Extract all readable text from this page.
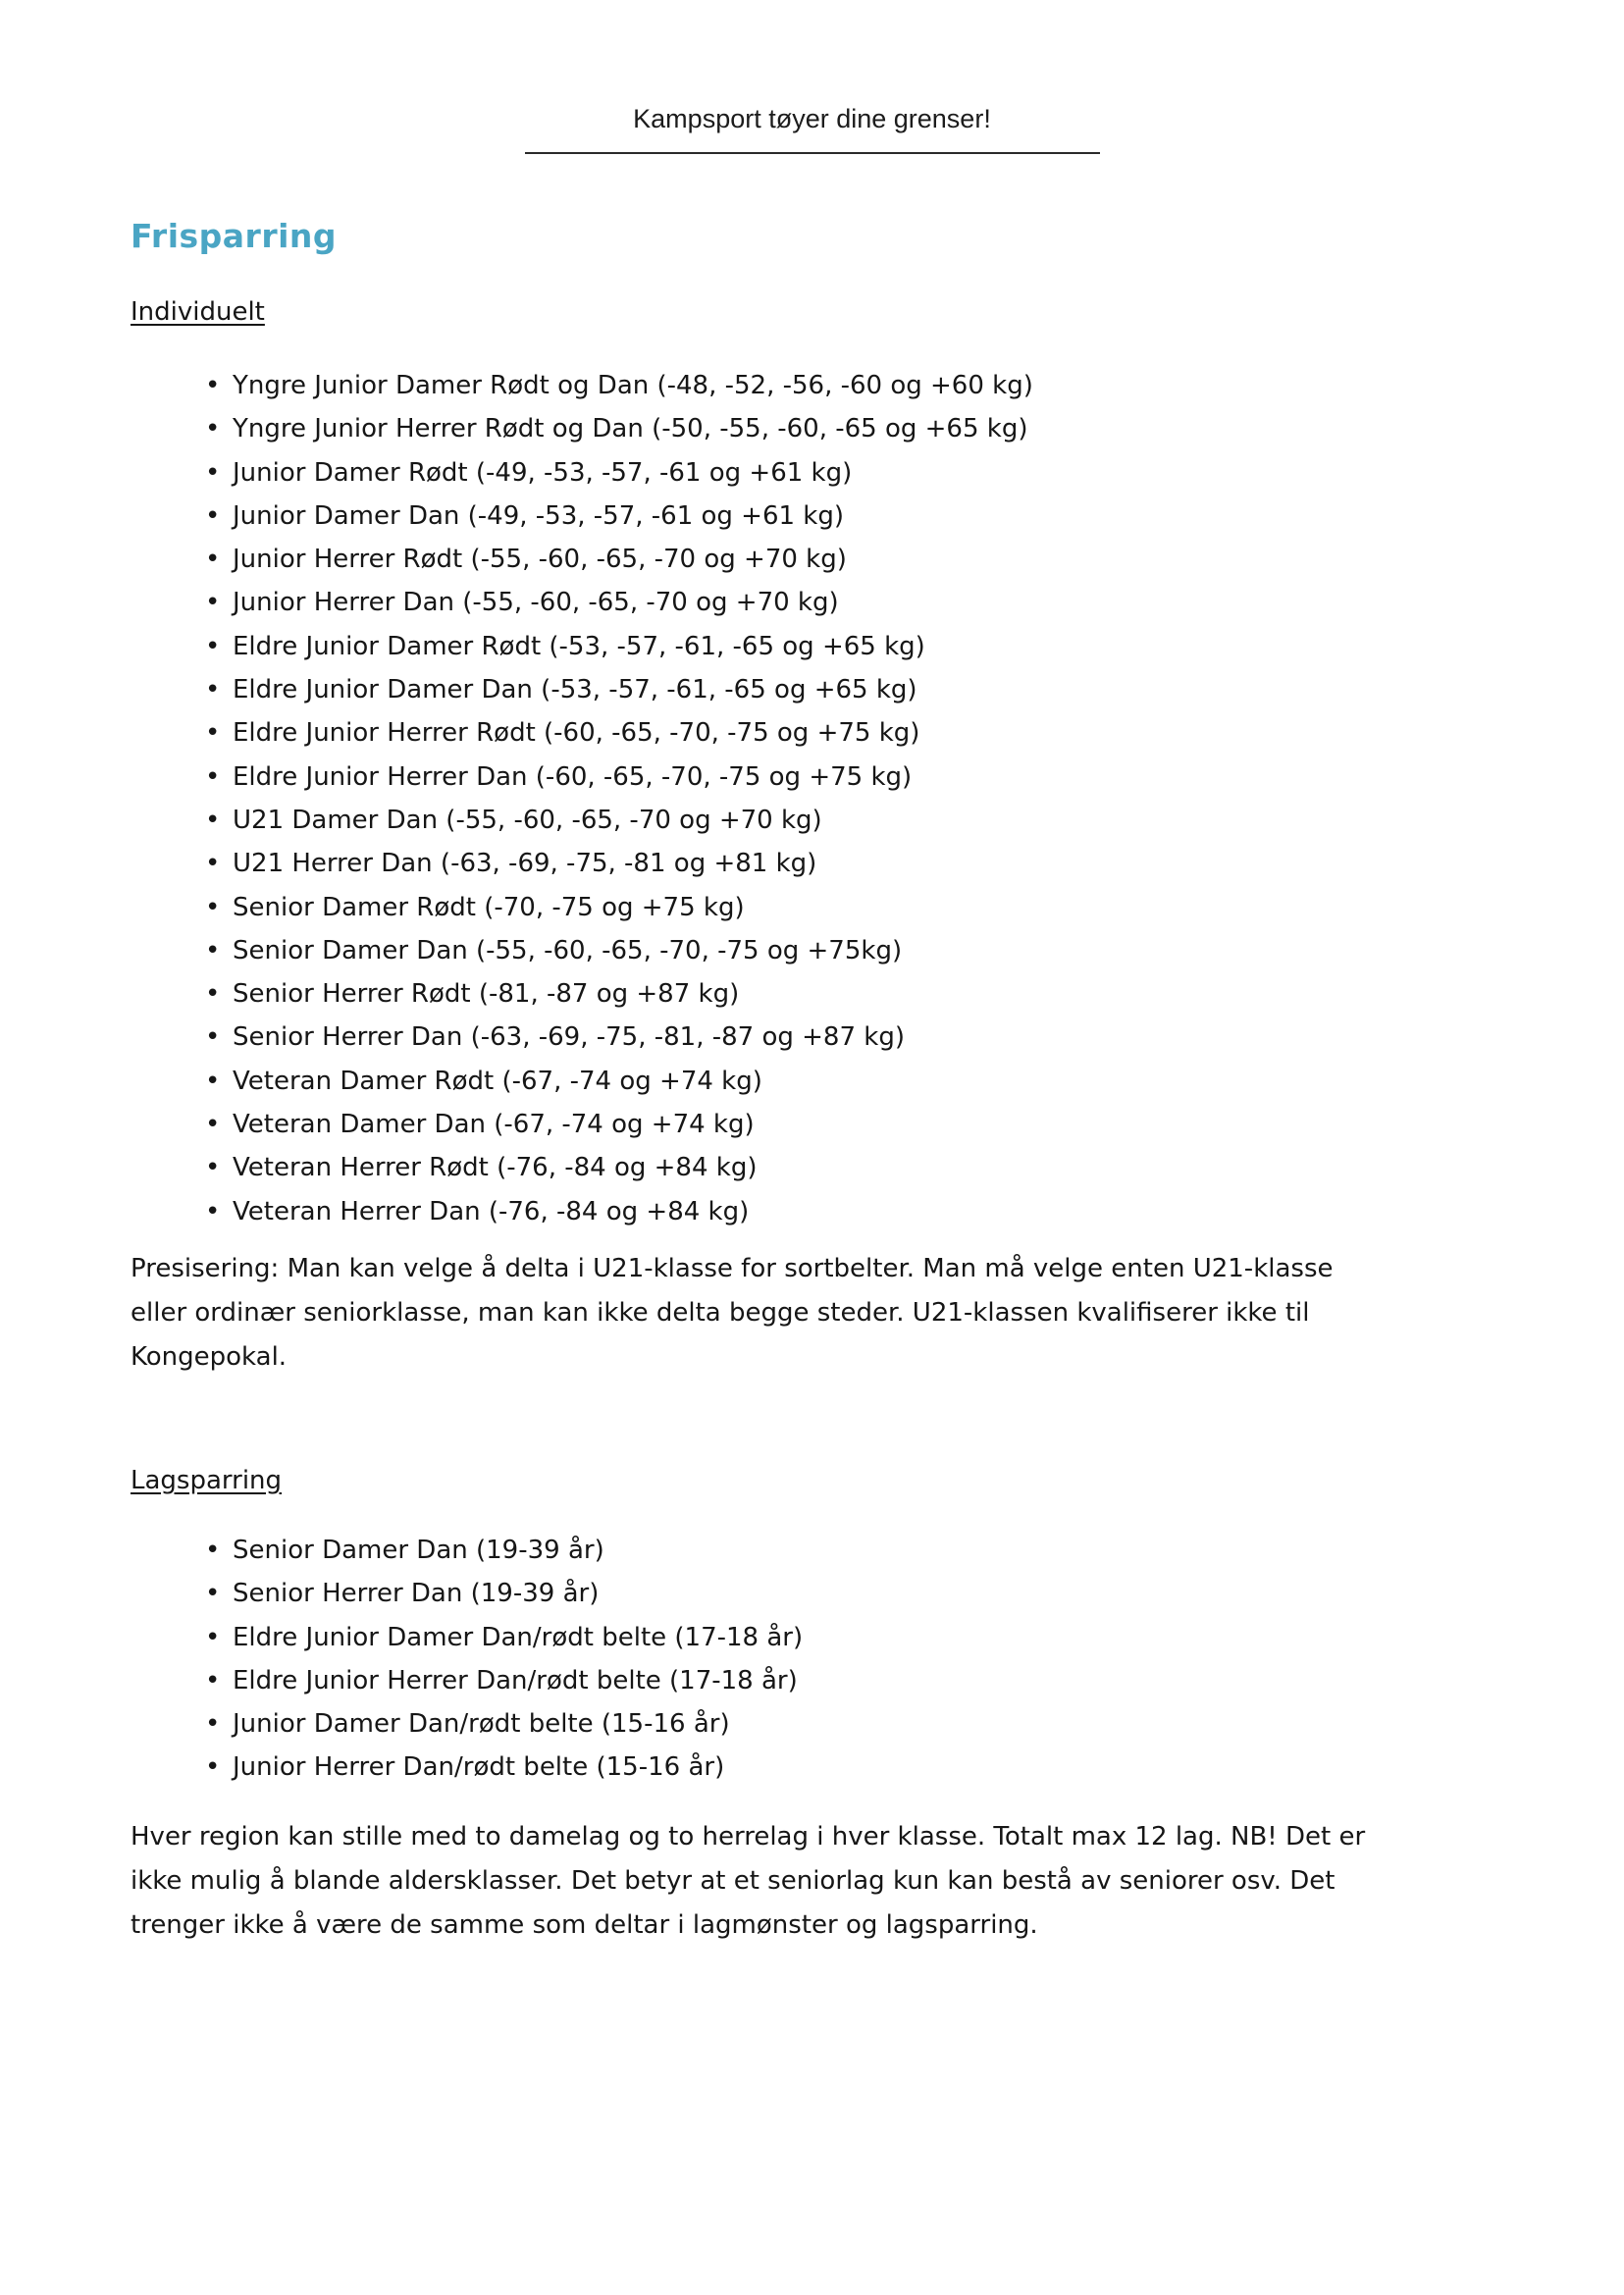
Kampsport tøyer dine grenser!
Frisparring
Individuelt
• Yngre Junior Damer Rødt og Dan (-48, -52, -56, -60 og +60 kg)
• Yngre Junior Herrer Rødt og Dan (-50, -55, -60, -65 og +65 kg)
• Junior Damer Rødt (-49, -53, -57, -61 og +61 kg)
• Junior Damer Dan (-49, -53, -57, -61 og +61 kg)
• Junior Herrer Rødt (-55, -60, -65, -70 og +70 kg)
• Junior Herrer Dan (-55, -60, -65, -70 og +70 kg)
• Eldre Junior Damer Rødt (-53, -57, -61, -65 og +65 kg)
• Eldre Junior Damer Dan (-53, -57, -61, -65 og +65 kg)
• Eldre Junior Herrer Rødt (-60, -65, -70, -75 og +75 kg)
• Eldre Junior Herrer Dan (-60, -65, -70, -75 og +75 kg)
• U21 Damer Dan (-55, -60, -65, -70 og +70 kg)
• U21 Herrer Dan (-63, -69, -75, -81 og +81 kg)
• Senior Damer Rødt (-70, -75 og +75 kg)
• Senior Damer Dan (-55, -60, -65, -70, -75 og +75kg)
• Senior Herrer Rødt (-81, -87 og +87 kg)
• Senior Herrer Dan (-63, -69, -75, -81, -87 og +87 kg)
• Veteran Damer Rødt (-67, -74 og +74 kg)
• Veteran Damer Dan (-67, -74 og +74 kg)
• Veteran Herrer Rødt (-76, -84 og +84 kg)
• Veteran Herrer Dan (-76, -84 og +84 kg)

Presisering: Man kan velge å delta i U21-klasse for sortbelter. Man må velge enten U21-klasse
eller ordinær seniorklasse, man kan ikke delta begge steder. U21-klassen kvalifiserer ikke til
Kongepokal.

Lagsparring
• Senior Damer Dan (19-39 år)
• Senior Herrer Dan (19-39 år)
• Eldre Junior Damer Dan/rødt belte (17-18 år)
• Eldre Junior Herrer Dan/rødt belte (17-18 år)
• Junior Damer Dan/rødt belte (15-16 år)
• Junior Herrer Dan/rødt belte (15-16 år)

Hver region kan stille med to damelag og to herrelag i hver klasse. Totalt max 12 lag. NB! Det er
ikke mulig å blande aldersklasser. Det betyr at et seniorlag kun kan bestå av seniorer osv. Det
trenger ikke å være de samme som deltar i lagmønster og lagsparring.
